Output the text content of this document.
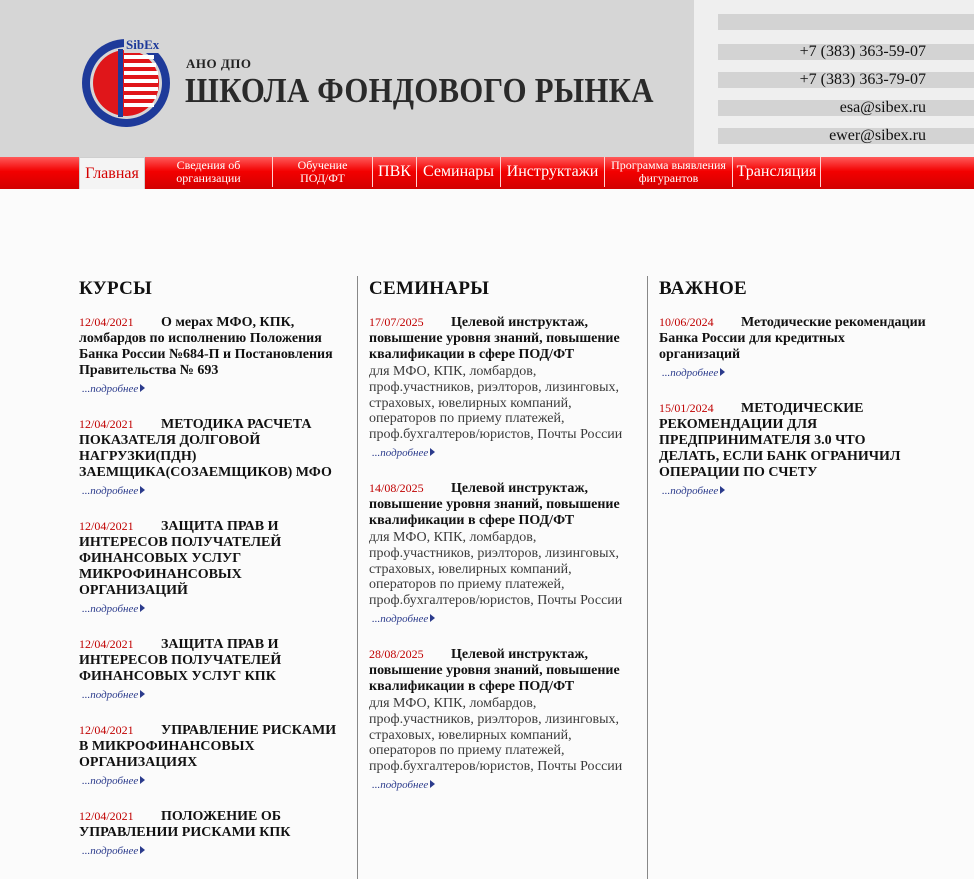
+7 (383) 363-59-07
+7 (383) 363-79-07
esa@sibex.ru
ewer@sibex.ru
SibEx
АНО ДПО
ШКОЛА ФОНДОВОГО РЫНКА
Главная	Сведения об организации
Обучение ПОД/ФТ	ПВК Семинары Инструктажи	Программа выявления фигурантов	Трансляция
КУРСЫ
12/04/2021 О мерах МФО, КПК, ломбардов по исполнению Положения Банка России №684-П и Постановления Правительства № 693
...подробнее
12/04/2021 МЕТОДИКА РАСЧЕТА ПОКАЗАТЕЛЯ ДОЛГОВОЙ НАГРУЗКИ(ПДН) ЗАЕМЩИКА(СОЗАЕМЩИКОВ) МФО
...подробнее
12/04/2021 ЗАЩИТА ПРАВ И ИНТЕРЕСОВ ПОЛУЧАТЕЛЕЙ ФИНАНСОВЫХ УСЛУГ МИКРОФИНАНСОВЫХ ОРГАНИЗАЦИЙ
...подробнее
12/04/2021 ЗАЩИТА ПРАВ И ИНТЕРЕСОВ ПОЛУЧАТЕЛЕЙ ФИНАНСОВЫХ УСЛУГ КПК
...подробнее
12/04/2021 УПРАВЛЕНИЕ РИСКАМИ В МИКРОФИНАНСОВЫХ ОРГАНИЗАЦИЯХ
...подробнее
12/04/2021 ПОЛОЖЕНИЕ ОБ УПРАВЛЕНИИ РИСКАМИ КПК
...подробнее
СЕМИНАРЫ
17/07/2025 Целевой инструктаж, повышение уровня знаний, повышение квалификации в сфере ПОД/ФТ
для МФО, КПК, ломбардов, проф.участников, риэлторов, лизинговых, страховых, ювелирных компаний, операторов по приему платежей, проф.бухгалтеров/юристов, Почты России
...подробнее
14/08/2025 Целевой инструктаж, повышение уровня знаний, повышение квалификации в сфере ПОД/ФТ
для МФО, КПК, ломбардов, проф.участников, риэлторов, лизинговых, страховых, ювелирных компаний, операторов по приему платежей, проф.бухгалтеров/юристов, Почты России
...подробнее
28/08/2025 Целевой инструктаж, повышение уровня знаний, повышение квалификации в сфере ПОД/ФТ
для МФО, КПК, ломбардов, проф.участников, риэлторов, лизинговых, страховых, ювелирных компаний, операторов по приему платежей, проф.бухгалтеров/юристов, Почты России
...подробнее
ВАЖНОЕ
10/06/2024 Методические рекомендации Банка России для кредитных организаций
...подробнее
15/01/2024 МЕТОДИЧЕСКИЕ РЕКОМЕНДАЦИИ ДЛЯ ПРЕДПРИНИМАТЕЛЯ 3.0 ЧТО ДЕЛАТЬ, ЕСЛИ БАНК ОГРАНИЧИЛ ОПЕРАЦИИ ПО СЧЕТУ
...подробнее
